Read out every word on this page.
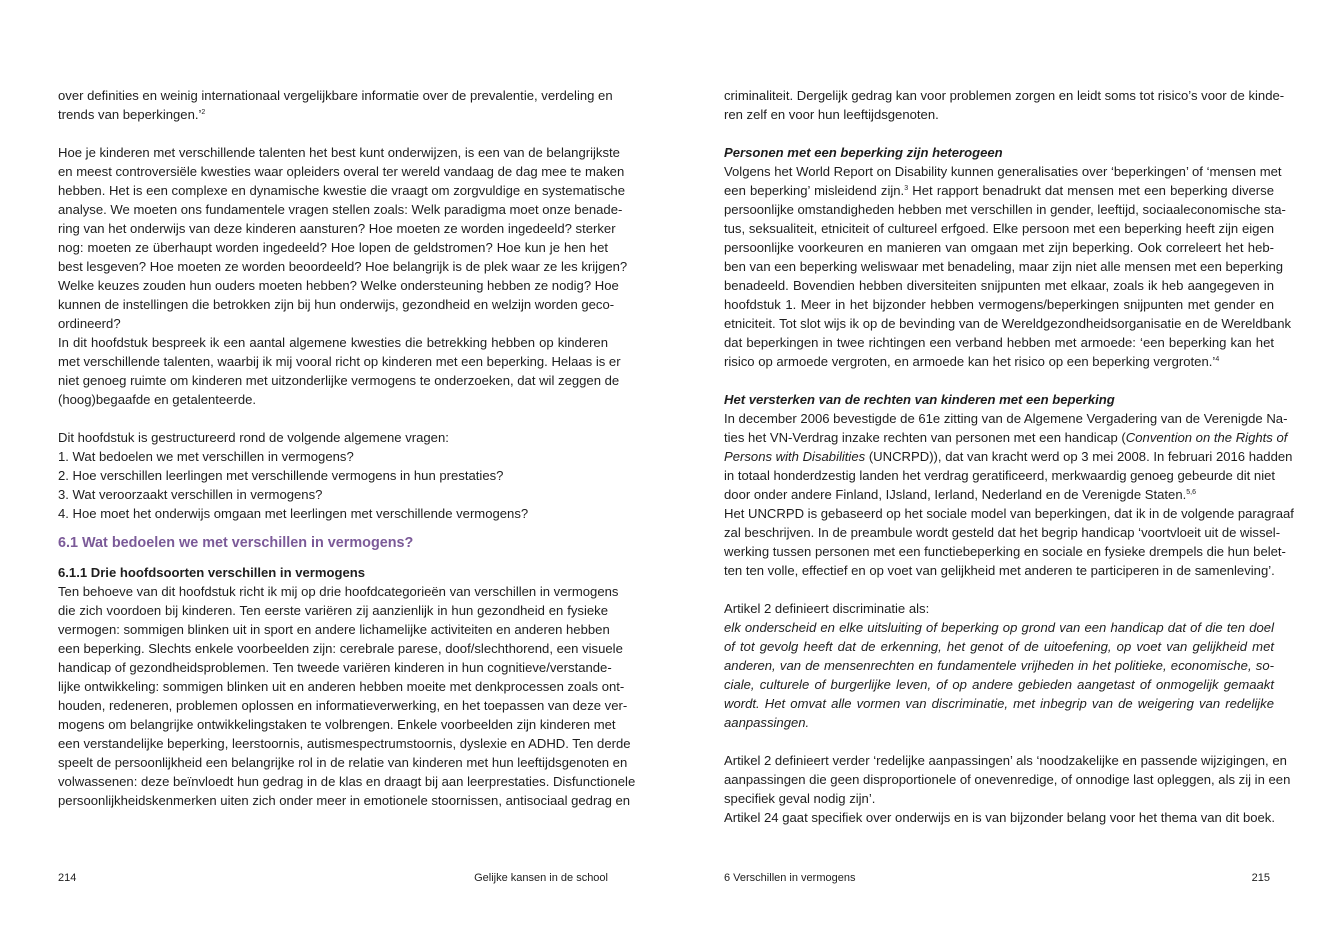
over definities en weinig internationaal vergelijkbare informatie over de prevalentie, verdeling en
trends van beperkingen.’$^2$
Hoe je kinderen met verschillende talenten het best kunt onderwijzen, is een van de belangrijkste
en meest controversiële kwesties waar opleiders overal ter wereld vandaag de dag mee te maken
hebben. Het is een complexe en dynamische kwestie die vraagt om zorgvuldige en systematische
analyse. We moeten ons fundamentele vragen stellen zoals: Welk paradigma moet onze benade-
ring van het onderwijs van deze kinderen aansturen? Hoe moeten ze worden ingedeeld? sterker
nog: moeten ze überhaupt worden ingedeeld? Hoe lopen de geldstromen? Hoe kun je hen het
best lesgeven? Hoe moeten ze worden beoordeeld? Hoe belangrijk is de plek waar ze les krijgen?
Welke keuzes zouden hun ouders moeten hebben? Welke ondersteuning hebben ze nodig? Hoe
kunnen de instellingen die betrokken zijn bij hun onderwijs, gezondheid en welzijn worden geco-
ordineerd?
In dit hoofdstuk bespreek ik een aantal algemene kwesties die betrekking hebben op kinderen
met verschillende talenten, waarbij ik mij vooral richt op kinderen met een beperking. Helaas is er
niet genoeg ruimte om kinderen met uitzonderlijke vermogens te onderzoeken, dat wil zeggen de
(hoog)begaafde en getalenteerde.
Dit hoofdstuk is gestructureerd rond de volgende algemene vragen:
1. Wat bedoelen we met verschillen in vermogens?
2. Hoe verschillen leerlingen met verschillende vermogens in hun prestaties?
3. Wat veroorzaakt verschillen in vermogens?
4. Hoe moet het onderwijs omgaan met leerlingen met verschillende vermogens?
6.1 Wat bedoelen we met verschillen in vermogens?
6.1.1 Drie hoofdsoorten verschillen in vermogens
Ten behoeve van dit hoofdstuk richt ik mij op drie hoofdcategorieën van verschillen in vermogens
die zich voordoen bij kinderen. Ten eerste variëren zij aanzienlijk in hun gezondheid en fysieke
vermogen: sommigen blinken uit in sport en andere lichamelijke activiteiten en anderen hebben
een beperking. Slechts enkele voorbeelden zijn: cerebrale parese, doof/slechthorend, een visuele
handicap of gezondheidsproblemen. Ten tweede variëren kinderen in hun cognitieve/verstande-
lijke ontwikkeling: sommigen blinken uit en anderen hebben moeite met denkprocessen zoals ont-
houden, redeneren, problemen oplossen en informatieverwerking, en het toepassen van deze ver-
mogens om belangrijke ontwikkelingstaken te volbrengen. Enkele voorbeelden zijn kinderen met
een verstandelijke beperking, leerstoornis, autismespectrumstoornis, dyslexie en ADHD. Ten derde
speelt de persoonlijkheid een belangrijke rol in de relatie van kinderen met hun leeftijdsgenoten en
volwassenen: deze beïnvloedt hun gedrag in de klas en draagt bij aan leerprestaties. Disfunctionele
persoonlijkheidskenmerken uiten zich onder meer in emotionele stoornissen, antisociaal gedrag en
214	Gelijke kansen in de school
criminaliteit. Dergelijk gedrag kan voor problemen zorgen en leidt soms tot risico’s voor de kinde-
ren zelf en voor hun leeftijdsgenoten.
Personen met een beperking zijn heterogeen
Volgens het World Report on Disability kunnen generalisaties over ‘beperkingen’ of ‘mensen met
een beperking’ misleidend zijn.$^3$ Het rapport benadrukt dat mensen met een beperking diverse
persoonlijke omstandigheden hebben met verschillen in gender, leeftijd, sociaaleconomische sta-
tus, seksualiteit, etniciteit of cultureel erfgoed. Elke persoon met een beperking heeft zijn eigen
persoonlijke voorkeuren en manieren van omgaan met zijn beperking. Ook correleert het heb-
ben van een beperking weliswaar met benadeling, maar zijn niet alle mensen met een beperking
benadeeld. Bovendien hebben diversiteiten snijpunten met elkaar, zoals ik heb aangegeven in
hoofdstuk 1. Meer in het bijzonder hebben vermogens/beperkingen snijpunten met gender en
etniciteit. Tot slot wijs ik op de bevinding van de Wereldgezondheidsorganisatie en de Wereldbank
dat beperkingen in twee richtingen een verband hebben met armoede: ‘een beperking kan het
risico op armoede vergroten, en armoede kan het risico op een beperking vergroten.’$^4$
Het versterken van de rechten van kinderen met een beperking
In december 2006 bevestigde de 61e zitting van de Algemene Vergadering van de Verenigde Na-
ties het VN-Verdrag inzake rechten van personen met een handicap (Convention on the Rights of
Persons with Disabilities (UNCRPD)), dat van kracht werd op 3 mei 2008. In februari 2016 hadden
in totaal honderdzestig landen het verdrag geratificeerd, merkwaardig genoeg gebeurde dit niet
door onder andere Finland, IJsland, Ierland, Nederland en de Verenigde Staten.$^{5,6}$
Het UNCRPD is gebaseerd op het sociale model van beperkingen, dat ik in de volgende paragraaf
zal beschrijven. In de preambule wordt gesteld dat het begrip handicap ‘voortvloeit uit de wissel-
werking tussen personen met een functiebeperking en sociale en fysieke drempels die hun belet-
ten ten volle, effectief en op voet van gelijkheid met anderen te participeren in de samenleving’.
Artikel 2 definieert discriminatie als:
elk onderscheid en elke uitsluiting of beperking op grond van een handicap dat of die ten doel
of tot gevolg heeft dat de erkenning, het genot of de uitoefening, op voet van gelijkheid met
anderen, van de mensenrechten en fundamentele vrijheden in het politieke, economische, so-
ciale, culturele of burgerlijke leven, of op andere gebieden aangetast of onmogelijk gemaakt
wordt. Het omvat alle vormen van discriminatie, met inbegrip van de weigering van redelijke
aanpassingen.
Artikel 2 definieert verder ‘redelijke aanpassingen’ als ‘noodzakelijke en passende wijzigingen, en
aanpassingen die geen disproportionele of onevenredige, of onnodige last opleggen, als zij in een
specifiek geval nodig zijn’.
Artikel 24 gaat specifiek over onderwijs en is van bijzonder belang voor het thema van dit boek.
6 Verschillen in vermogens	215
